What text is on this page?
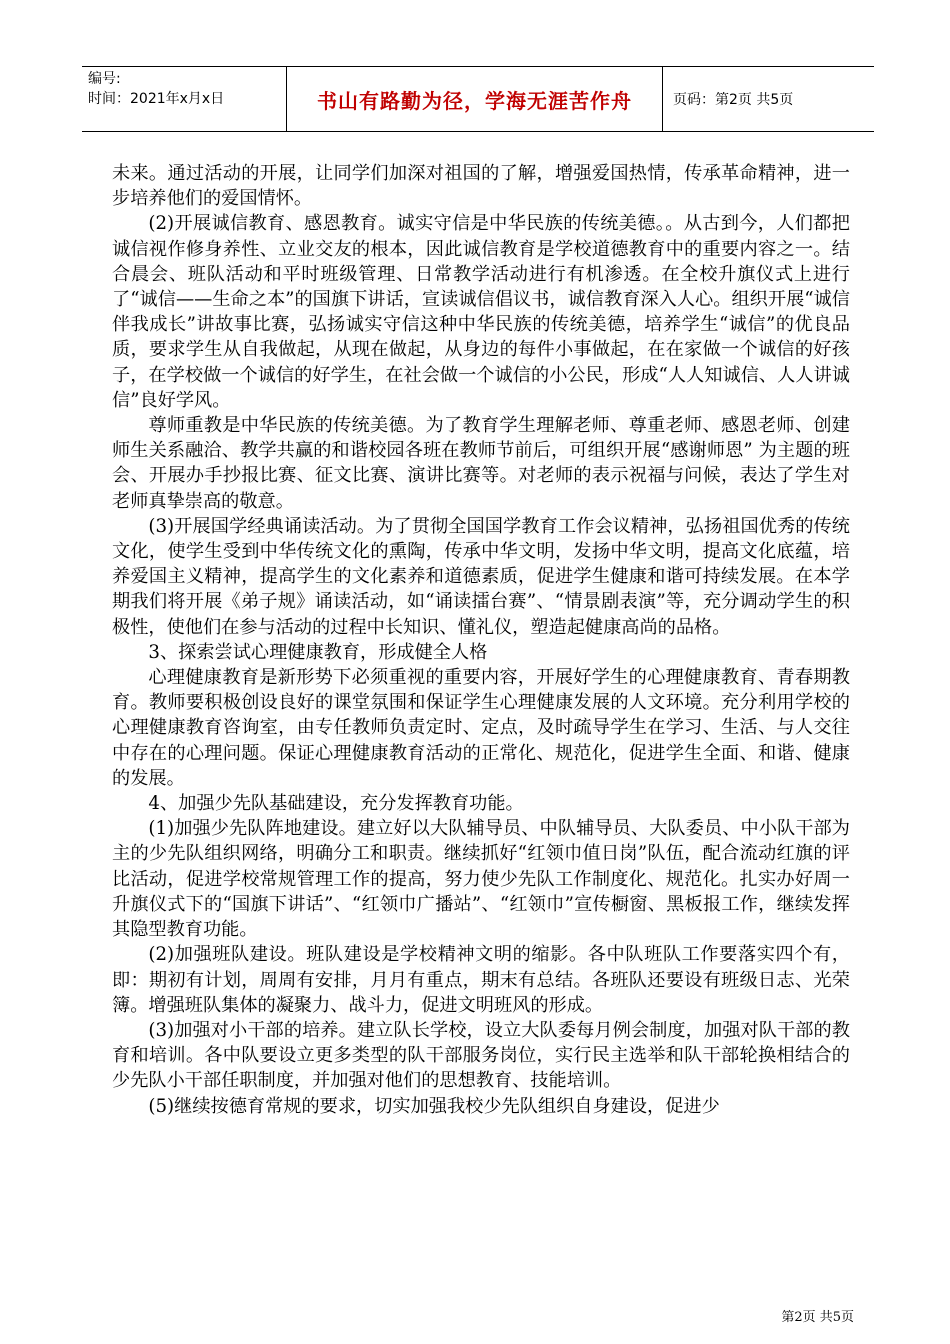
编号:
时间：2021年x月x日	书山有路勤为径，学海无涯苦作舟	页码：第2页 共5页

未来。通过活动的开展，让同学们加深对祖国的了解，增强爱国热情，传承革命精神，进一步培养他们的爱国情怀。

(2)开展诚信教育、感恩教育。诚实守信是中华民族的传统美德。。从古到今，人们都把诚信视作修身养性、立业交友的根本，因此诚信教育是学校道德教育中的重要内容之一。结合晨会、班队活动和平时班级管理、日常教学活动进行有机渗透。在全校升旗仪式上进行了“诚信——生命之本”的国旗下讲话，宣读诚信倡议书，诚信教育深入人心。组织开展“诚信伴我成长”讲故事比赛，弘扬诚实守信这种中华民族的传统美德，培养学生“诚信”的优良品质，要求学生从自我做起，从现在做起，从身边的每件小事做起，在在家做一个诚信的好孩子，在学校做一个诚信的好学生，在社会做一个诚信的小公民，形成“人人知诚信、人人讲诚信”良好学风。

尊师重教是中华民族的传统美德。为了教育学生理解老师、尊重老师、感恩老师、创建师生关系融洽、教学共赢的和谐校园各班在教师节前后，可组织开展“感谢师恩” 为主题的班会、开展办手抄报比赛、征文比赛、演讲比赛等。对老师的表示祝福与问候，表达了学生对老师真挚崇高的敬意。

(3)开展国学经典诵读活动。为了贯彻全国国学教育工作会议精神，弘扬祖国优秀的传统文化，使学生受到中华传统文化的熏陶，传承中华文明，发扬中华文明，提高文化底蕴，培养爱国主义精神，提高学生的文化素养和道德素质，促进学生健康和谐可持续发展。在本学期我们将开展《弟子规》诵读活动，如“诵读擂台赛”、“情景剧表演”等，充分调动学生的积极性，使他们在参与活动的过程中长知识、懂礼仪，塑造起健康高尚的品格。

3、探索尝试心理健康教育，形成健全人格

心理健康教育是新形势下必须重视的重要内容，开展好学生的心理健康教育、青春期教育。教师要积极创设良好的课堂氛围和保证学生心理健康发展的人文环境。充分利用学校的心理健康教育咨询室，由专任教师负责定时、定点，及时疏导学生在学习、生活、与人交往中存在的心理问题。保证心理健康教育活动的正常化、规范化，促进学生全面、和谐、健康的发展。

4、加强少先队基础建设，充分发挥教育功能。

(1)加强少先队阵地建设。建立好以大队辅导员、中队辅导员、大队委员、中小队干部为主的少先队组织网络，明确分工和职责。继续抓好“红领巾值日岗”队伍，配合流动红旗的评比活动，促进学校常规管理工作的提高，努力使少先队工作制度化、规范化。扎实办好周一升旗仪式下的“国旗下讲话”、“红领巾广播站”、“红领巾”宣传橱窗、黑板报工作，继续发挥其隐型教育功能。

(2)加强班队建设。班队建设是学校精神文明的缩影。各中队班队工作要落实四个有，即：期初有计划，周周有安排，月月有重点，期末有总结。各班队还要设有班级日志、光荣簿。增强班队集体的凝聚力、战斗力，促进文明班风的形成。

(3)加强对小干部的培养。建立队长学校，设立大队委每月例会制度，加强对队干部的教育和培训。各中队要设立更多类型的队干部服务岗位，实行民主选举和队干部轮换相结合的少先队小干部任职制度，并加强对他们的思想教育、技能培训。

(5)继续按德育常规的要求，切实加强我校少先队组织自身建设，促进少

第2页 共5页
